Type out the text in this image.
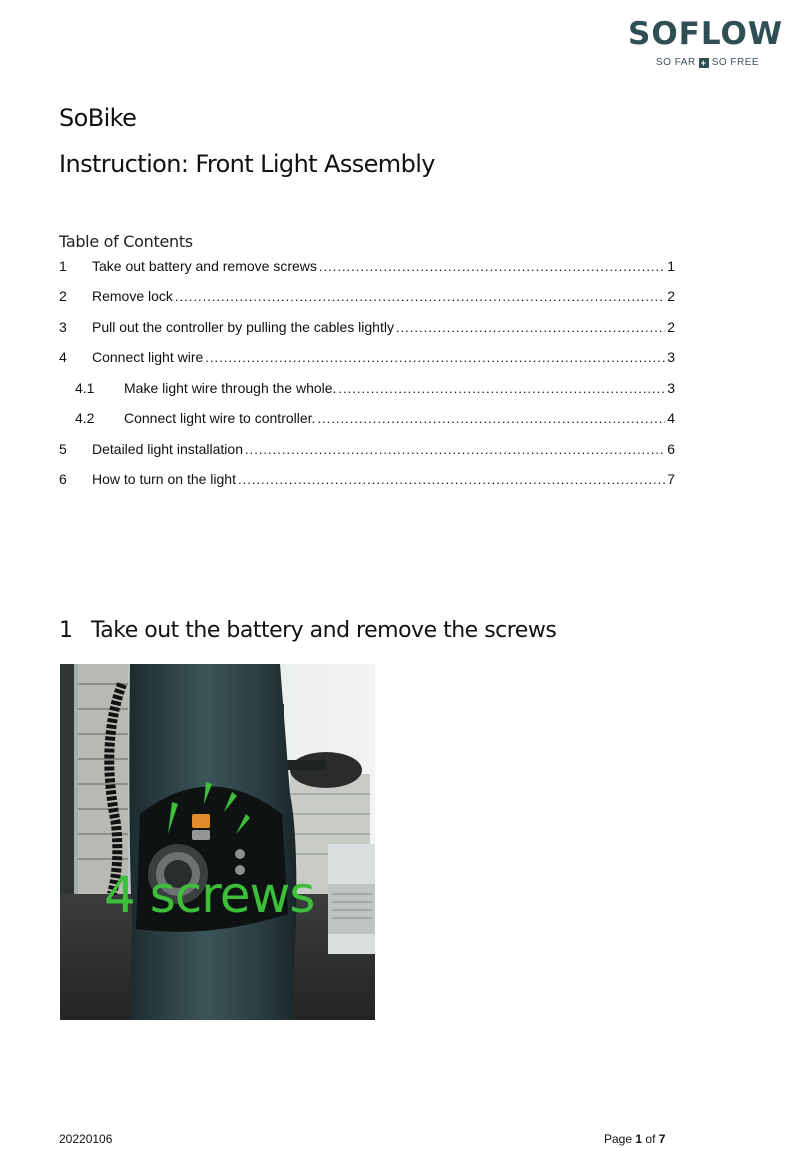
SOFLOW
SO FAR + SO FREE
SoBike
Instruction: Front Light Assembly
Table of Contents
1	Take out battery and remove screws .....	1
2	Remove lock .....	2
3	Pull out the controller by pulling the cables lightly .....	2
4	Connect light wire .....	3
4.1	Make light wire through the whole. .....	3
4.2	Connect light wire to controller. .....	4
5	Detailed light installation .....	6
6	How to turn on the light .....	7
1 Take out the battery and remove the screws
4 screws
20220106	Page 1 of 7
